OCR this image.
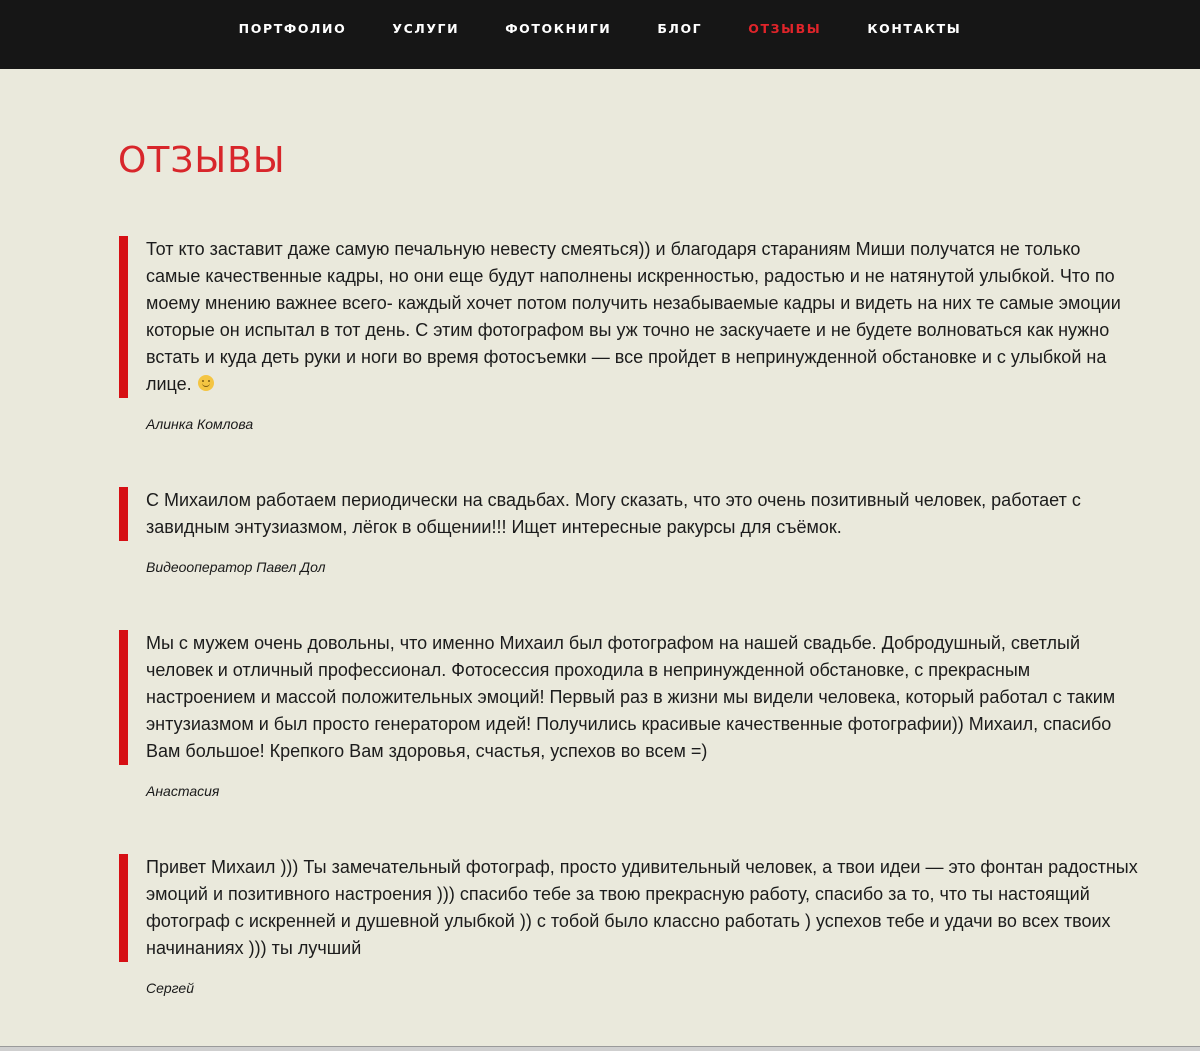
ПОРТФОЛИО	УСЛУГИ	ФОТОКНИГИ	БЛОГ	ОТЗЫВЫ	КОНТАКТЫ
ОТЗЫВЫ
Тот кто заставит даже самую печальную невесту смеяться)) и благодаря стараниям Миши получатся не только самые качественные кадры, но они еще будут наполнены искренностью, радостью и не натянутой улыбкой. Что по моему мнению важнее всего- каждый хочет потом получить незабываемые кадры и видеть на них те самые эмоции которые он испытал в тот день. С этим фотографом вы уж точно не заскучаете и не будете волноваться как нужно встать и куда деть руки и ноги во время фотосъемки — все пройдет в непринужденной обстановке и с улыбкой на лице.
Алинка Комлова
С Михаилом работаем периодически на свадьбах. Могу сказать, что это очень позитивный человек, работает с завидным энтузиазмом, лёгок в общении!!! Ищет интересные ракурсы для съёмок.
Видеооператор Павел Дол
Мы с мужем очень довольны, что именно Михаил был фотографом на нашей свадьбе. Добродушный, светлый человек и отличный профессионал. Фотосессия проходила в непринужденной обстановке, с прекрасным настроением и массой положительных эмоций! Первый раз в жизни мы видели человека, который работал с таким энтузиазмом и был просто генератором идей! Получились красивые качественные фотографии)) Михаил, спасибо Вам большое! Крепкого Вам здоровья, счастья, успехов во всем =)
Анастасия
Привет Михаил ))) Ты замечательный фотограф, просто удивительный человек, а твои идеи — это фонтан радостных эмоций и позитивного настроения ))) спасибо тебе за твою прекрасную работу, спасибо за то, что ты настоящий фотограф с искренней и душевной улыбкой )) с тобой было классно работать ) успехов тебе и удачи во всех твоих начинаниях ))) ты лучший
Сергей
